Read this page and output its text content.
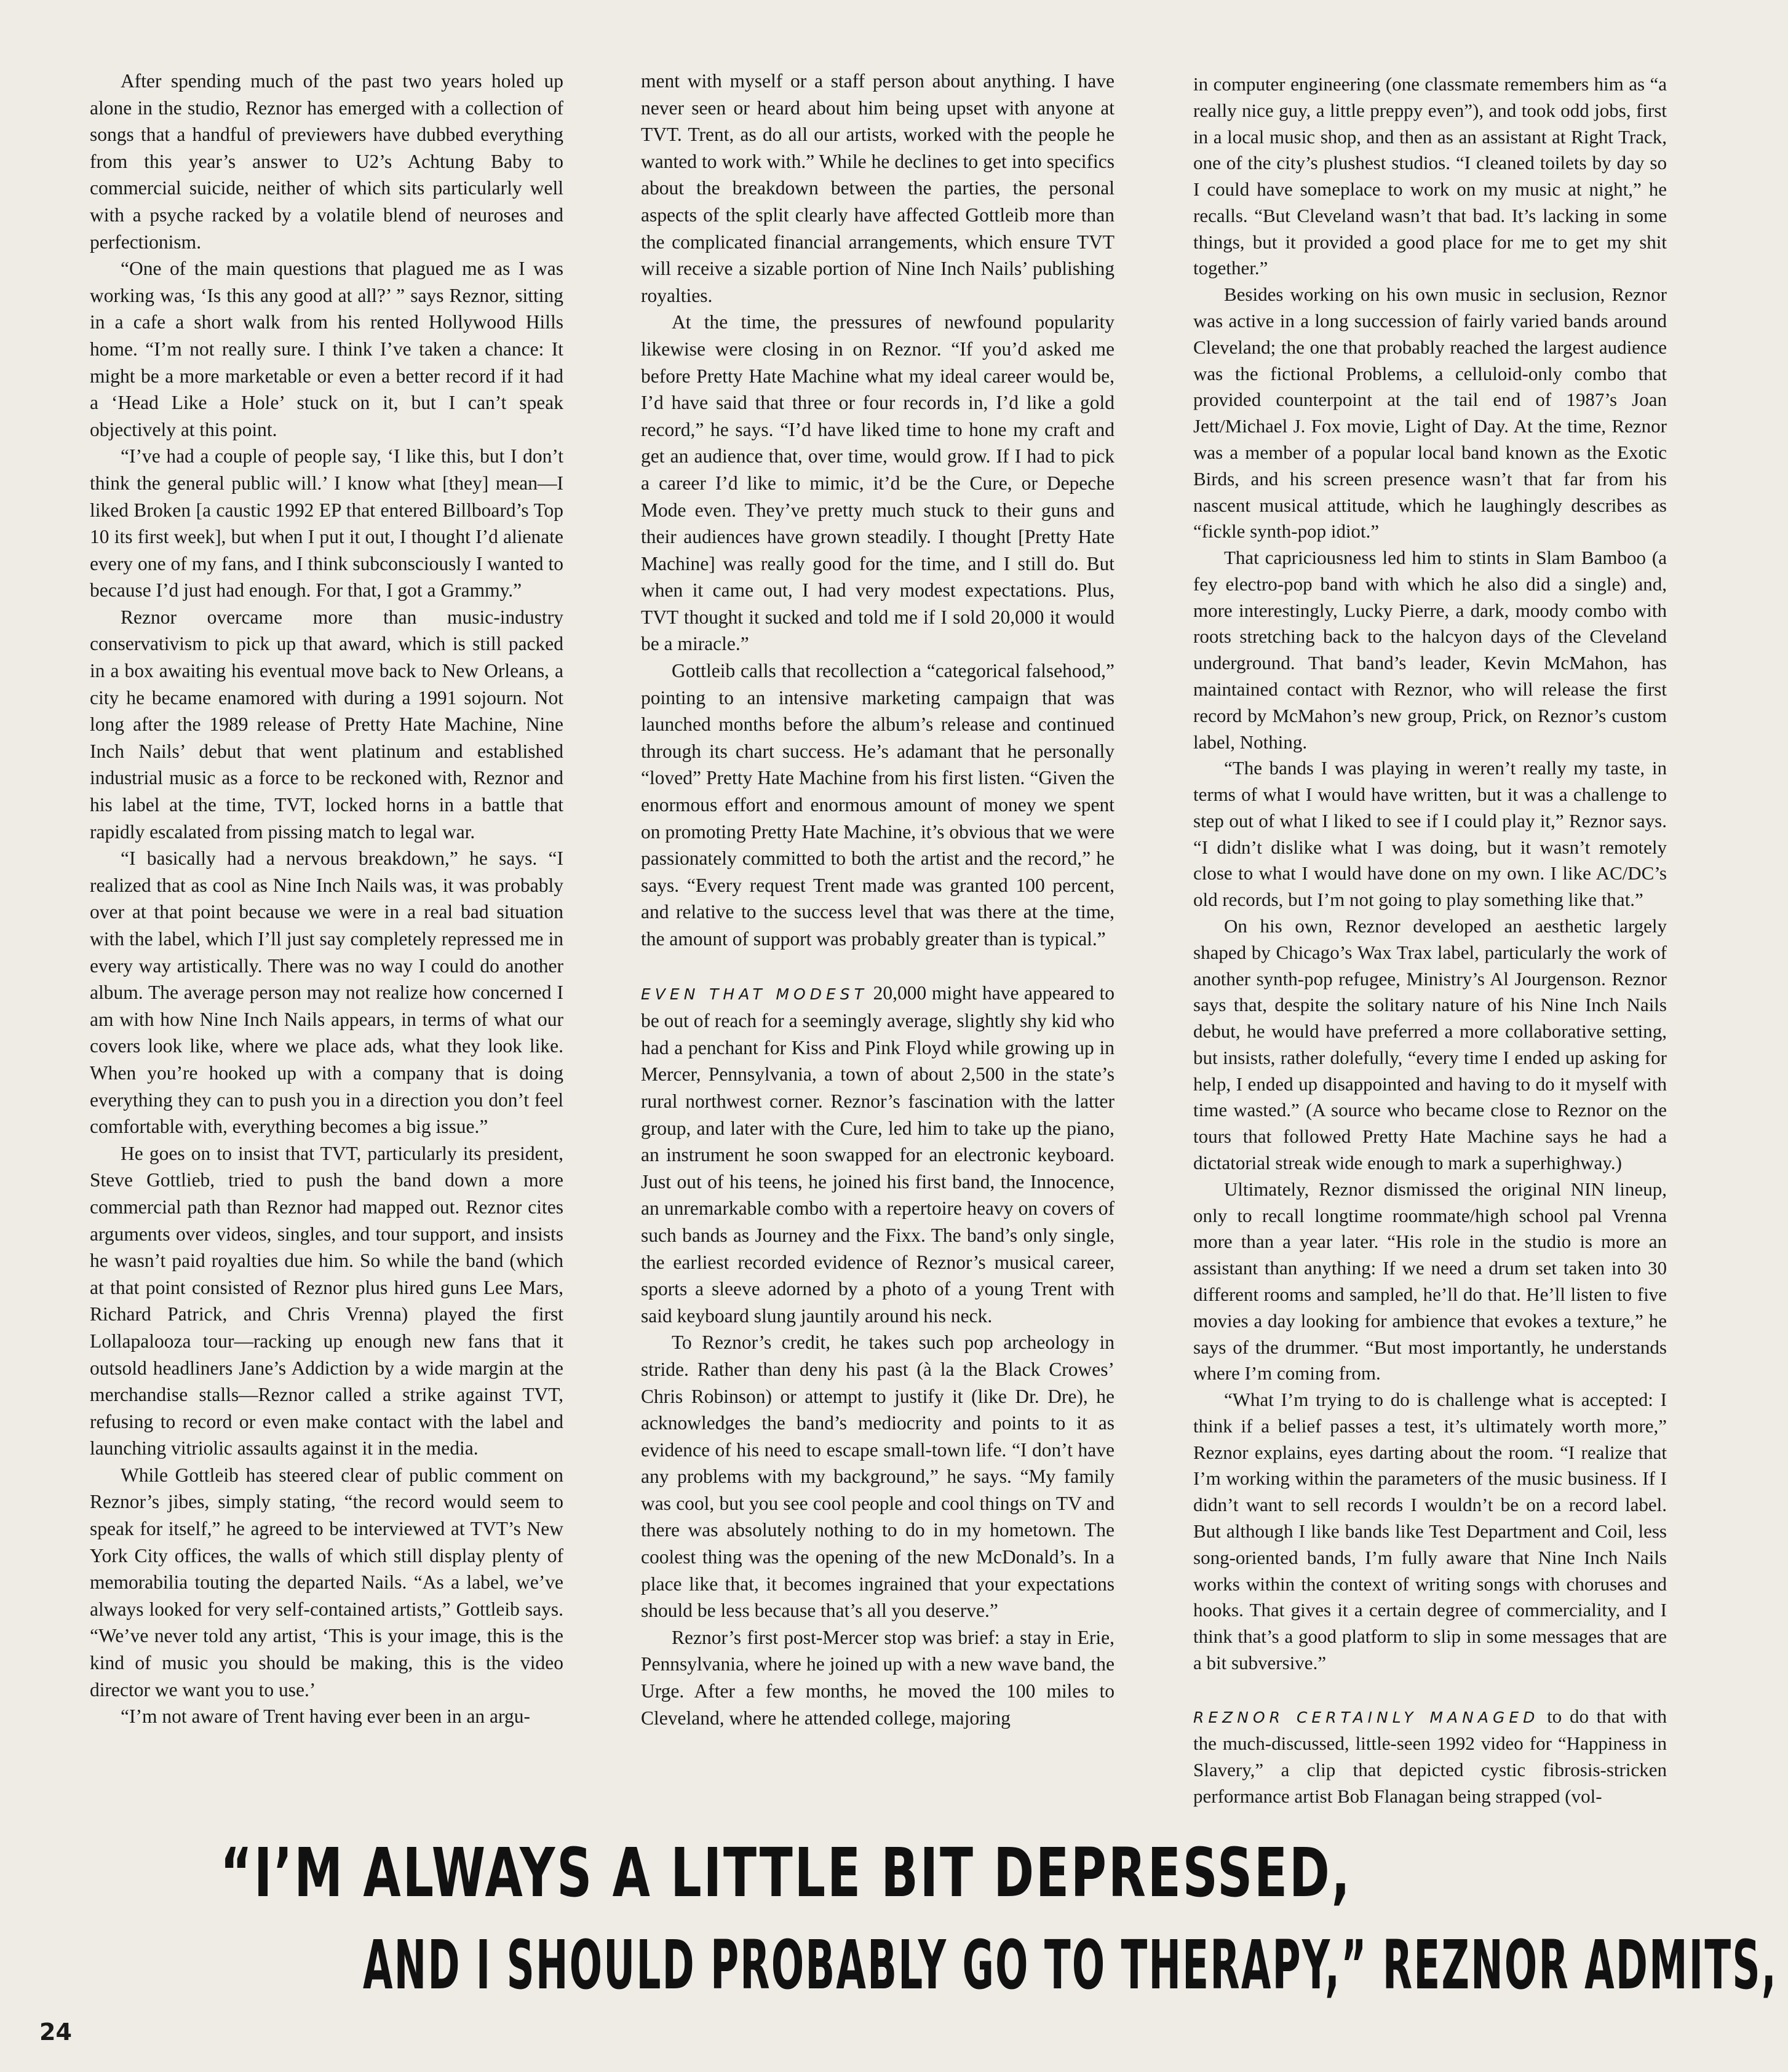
After spending much of the past two years holed up alone in the studio, Reznor has emerged with a collection of songs that a handful of previewers have dubbed everything from this year’s answer to U2’s Achtung Baby to commercial suicide, neither of which sits particularly well with a psyche racked by a volatile blend of neuroses and perfectionism.

“One of the main questions that plagued me as I was working was, ‘Is this any good at all?’ ” says Reznor, sitting in a cafe a short walk from his rented Hollywood Hills home. “I’m not really sure. I think I’ve taken a chance: It might be a more marketable or even a better record if it had a ‘Head Like a Hole’ stuck on it, but I can’t speak objectively at this point.

“I’ve had a couple of people say, ‘I like this, but I don’t think the general public will.’ I know what [they] mean—I liked Broken [a caustic 1992 EP that entered Billboard’s Top 10 its first week], but when I put it out, I thought I’d alienate every one of my fans, and I think subconsciously I wanted to because I’d just had enough. For that, I got a Grammy.”

Reznor overcame more than music-industry conservativism to pick up that award, which is still packed in a box awaiting his eventual move back to New Orleans, a city he became enamored with during a 1991 sojourn. Not long after the 1989 release of Pretty Hate Machine, Nine Inch Nails’ debut that went platinum and established industrial music as a force to be reckoned with, Reznor and his label at the time, TVT, locked horns in a battle that rapidly escalated from pissing match to legal war.

“I basically had a nervous breakdown,” he says. “I realized that as cool as Nine Inch Nails was, it was probably over at that point because we were in a real bad situation with the label, which I’ll just say completely repressed me in every way artistically. There was no way I could do another album. The average person may not realize how concerned I am with how Nine Inch Nails appears, in terms of what our covers look like, where we place ads, what they look like. When you’re hooked up with a company that is doing everything they can to push you in a direction you don’t feel comfortable with, everything becomes a big issue.”

He goes on to insist that TVT, particularly its president, Steve Gottlieb, tried to push the band down a more commercial path than Reznor had mapped out. Reznor cites arguments over videos, singles, and tour support, and insists he wasn’t paid royalties due him. So while the band (which at that point consisted of Reznor plus hired guns Lee Mars, Richard Patrick, and Chris Vrenna) played the first Lollapalooza tour—racking up enough new fans that it outsold headliners Jane’s Addiction by a wide margin at the merchandise stalls—Reznor called a strike against TVT, refusing to record or even make contact with the label and launching vitriolic assaults against it in the media.

While Gottleib has steered clear of public comment on Reznor’s jibes, simply stating, “the record would seem to speak for itself,” he agreed to be interviewed at TVT’s New York City offices, the walls of which still display plenty of memorabilia touting the departed Nails. “As a label, we’ve always looked for very self-contained artists,” Gottleib says. “We’ve never told any artist, ‘This is your image, this is the kind of music you should be making, this is the video director we want you to use.’

“I’m not aware of Trent having ever been in an argu-

ment with myself or a staff person about anything. I have never seen or heard about him being upset with anyone at TVT. Trent, as do all our artists, worked with the people he wanted to work with.” While he declines to get into specifics about the breakdown between the parties, the personal aspects of the split clearly have affected Gottleib more than the complicated financial arrangements, which ensure TVT will receive a sizable portion of Nine Inch Nails’ publishing royalties.

At the time, the pressures of newfound popularity likewise were closing in on Reznor. “If you’d asked me before Pretty Hate Machine what my ideal career would be, I’d have said that three or four records in, I’d like a gold record,” he says. “I’d have liked time to hone my craft and get an audience that, over time, would grow. If I had to pick a career I’d like to mimic, it’d be the Cure, or Depeche Mode even. They’ve pretty much stuck to their guns and their audiences have grown steadily. I thought [Pretty Hate Machine] was really good for the time, and I still do. But when it came out, I had very modest expectations. Plus, TVT thought it sucked and told me if I sold 20,000 it would be a miracle.”

Gottleib calls that recollection a “categorical falsehood,” pointing to an intensive marketing campaign that was launched months before the album’s release and continued through its chart success. He’s adamant that he personally “loved” Pretty Hate Machine from his first listen. “Given the enormous effort and enormous amount of money we spent on promoting Pretty Hate Machine, it’s obvious that we were passionately committed to both the artist and the record,” he says. “Every request Trent made was granted 100 percent, and relative to the success level that was there at the time, the amount of support was probably greater than is typical.”

EVEN THAT MODEST 20,000 might have appeared to be out of reach for a seemingly average, slightly shy kid who had a penchant for Kiss and Pink Floyd while growing up in Mercer, Pennsylvania, a town of about 2,500 in the state’s rural northwest corner. Reznor’s fascination with the latter group, and later with the Cure, led him to take up the piano, an instrument he soon swapped for an electronic keyboard. Just out of his teens, he joined his first band, the Innocence, an unremarkable combo with a repertoire heavy on covers of such bands as Journey and the Fixx. The band’s only single, the earliest recorded evidence of Reznor’s musical career, sports a sleeve adorned by a photo of a young Trent with said keyboard slung jauntily around his neck.

To Reznor’s credit, he takes such pop archeology in stride. Rather than deny his past (à la the Black Crowes’ Chris Robinson) or attempt to justify it (like Dr. Dre), he acknowledges the band’s mediocrity and points to it as evidence of his need to escape small-town life. “I don’t have any problems with my background,” he says. “My family was cool, but you see cool people and cool things on TV and there was absolutely nothing to do in my hometown. The coolest thing was the opening of the new McDonald’s. In a place like that, it becomes ingrained that your expectations should be less because that’s all you deserve.”

Reznor’s first post-Mercer stop was brief: a stay in Erie, Pennsylvania, where he joined up with a new wave band, the Urge. After a few months, he moved the 100 miles to Cleveland, where he attended college, majoring

in computer engineering (one classmate remembers him as “a really nice guy, a little preppy even”), and took odd jobs, first in a local music shop, and then as an assistant at Right Track, one of the city’s plushest studios. “I cleaned toilets by day so I could have someplace to work on my music at night,” he recalls. “But Cleveland wasn’t that bad. It’s lacking in some things, but it provided a good place for me to get my shit together.”

Besides working on his own music in seclusion, Reznor was active in a long succession of fairly varied bands around Cleveland; the one that probably reached the largest audience was the fictional Problems, a celluloid-only combo that provided counterpoint at the tail end of 1987’s Joan Jett/Michael J. Fox movie, Light of Day. At the time, Reznor was a member of a popular local band known as the Exotic Birds, and his screen presence wasn’t that far from his nascent musical attitude, which he laughingly describes as “fickle synth-pop idiot.”

That capriciousness led him to stints in Slam Bamboo (a fey electro-pop band with which he also did a single) and, more interestingly, Lucky Pierre, a dark, moody combo with roots stretching back to the halcyon days of the Cleveland underground. That band’s leader, Kevin McMahon, has maintained contact with Reznor, who will release the first record by McMahon’s new group, Prick, on Reznor’s custom label, Nothing.

“The bands I was playing in weren’t really my taste, in terms of what I would have written, but it was a challenge to step out of what I liked to see if I could play it,” Reznor says. “I didn’t dislike what I was doing, but it wasn’t remotely close to what I would have done on my own. I like AC/DC’s old records, but I’m not going to play something like that.”

On his own, Reznor developed an aesthetic largely shaped by Chicago’s Wax Trax label, particularly the work of another synth-pop refugee, Ministry’s Al Jourgenson. Reznor says that, despite the solitary nature of his Nine Inch Nails debut, he would have preferred a more collaborative setting, but insists, rather dolefully, “every time I ended up asking for help, I ended up disappointed and having to do it myself with time wasted.” (A source who became close to Reznor on the tours that followed Pretty Hate Machine says he had a dictatorial streak wide enough to mark a superhighway.)

Ultimately, Reznor dismissed the original NIN lineup, only to recall longtime roommate/high school pal Vrenna more than a year later. “His role in the studio is more an assistant than anything: If we need a drum set taken into 30 different rooms and sampled, he’ll do that. He’ll listen to five movies a day looking for ambience that evokes a texture,” he says of the drummer. “But most importantly, he understands where I’m coming from.

“What I’m trying to do is challenge what is accepted: I think if a belief passes a test, it’s ultimately worth more,” Reznor explains, eyes darting about the room. “I realize that I’m working within the parameters of the music business. If I didn’t want to sell records I wouldn’t be on a record label. But although I like bands like Test Department and Coil, less song-oriented bands, I’m fully aware that Nine Inch Nails works within the context of writing songs with choruses and hooks. That gives it a certain degree of commerciality, and I think that’s a good platform to slip in some messages that are a bit subversive.”

REZNOR CERTAINLY MANAGED to do that with the much-discussed, little-seen 1992 video for “Happiness in Slavery,” a clip that depicted cystic fibrosis-stricken performance artist Bob Flanagan being strapped (vol-

“I’M ALWAYS A LITTLE BIT DEPRESSED,
AND I SHOULD PROBABLY GO TO THERAPY,” REZNOR ADMITS,
24
